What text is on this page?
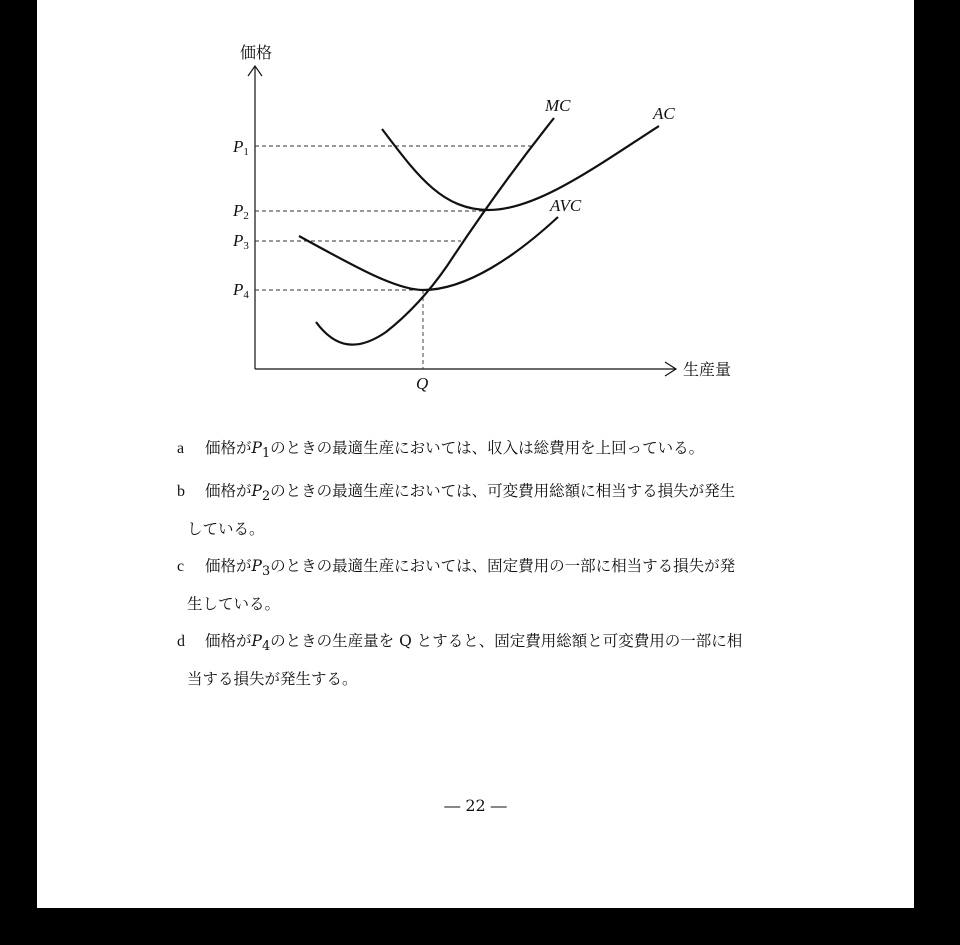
価格
生産量
P1
P2
P3
P4
Q
MC	AC
AVC
a 価格が$P_1$のときの最適生産においては、収入は総費用を上回っている。
b 価格が$P_2$のときの最適生産においては、可変費用総額に相当する損失が発生
している。
c 価格が$P_3$のときの最適生産においては、固定費用の一部に相当する損失が発
生している。
d 価格が$P_4$のときの生産量を Q とすると、固定費用総額と可変費用の一部に相
当する損失が発生する。
― 22 ―
